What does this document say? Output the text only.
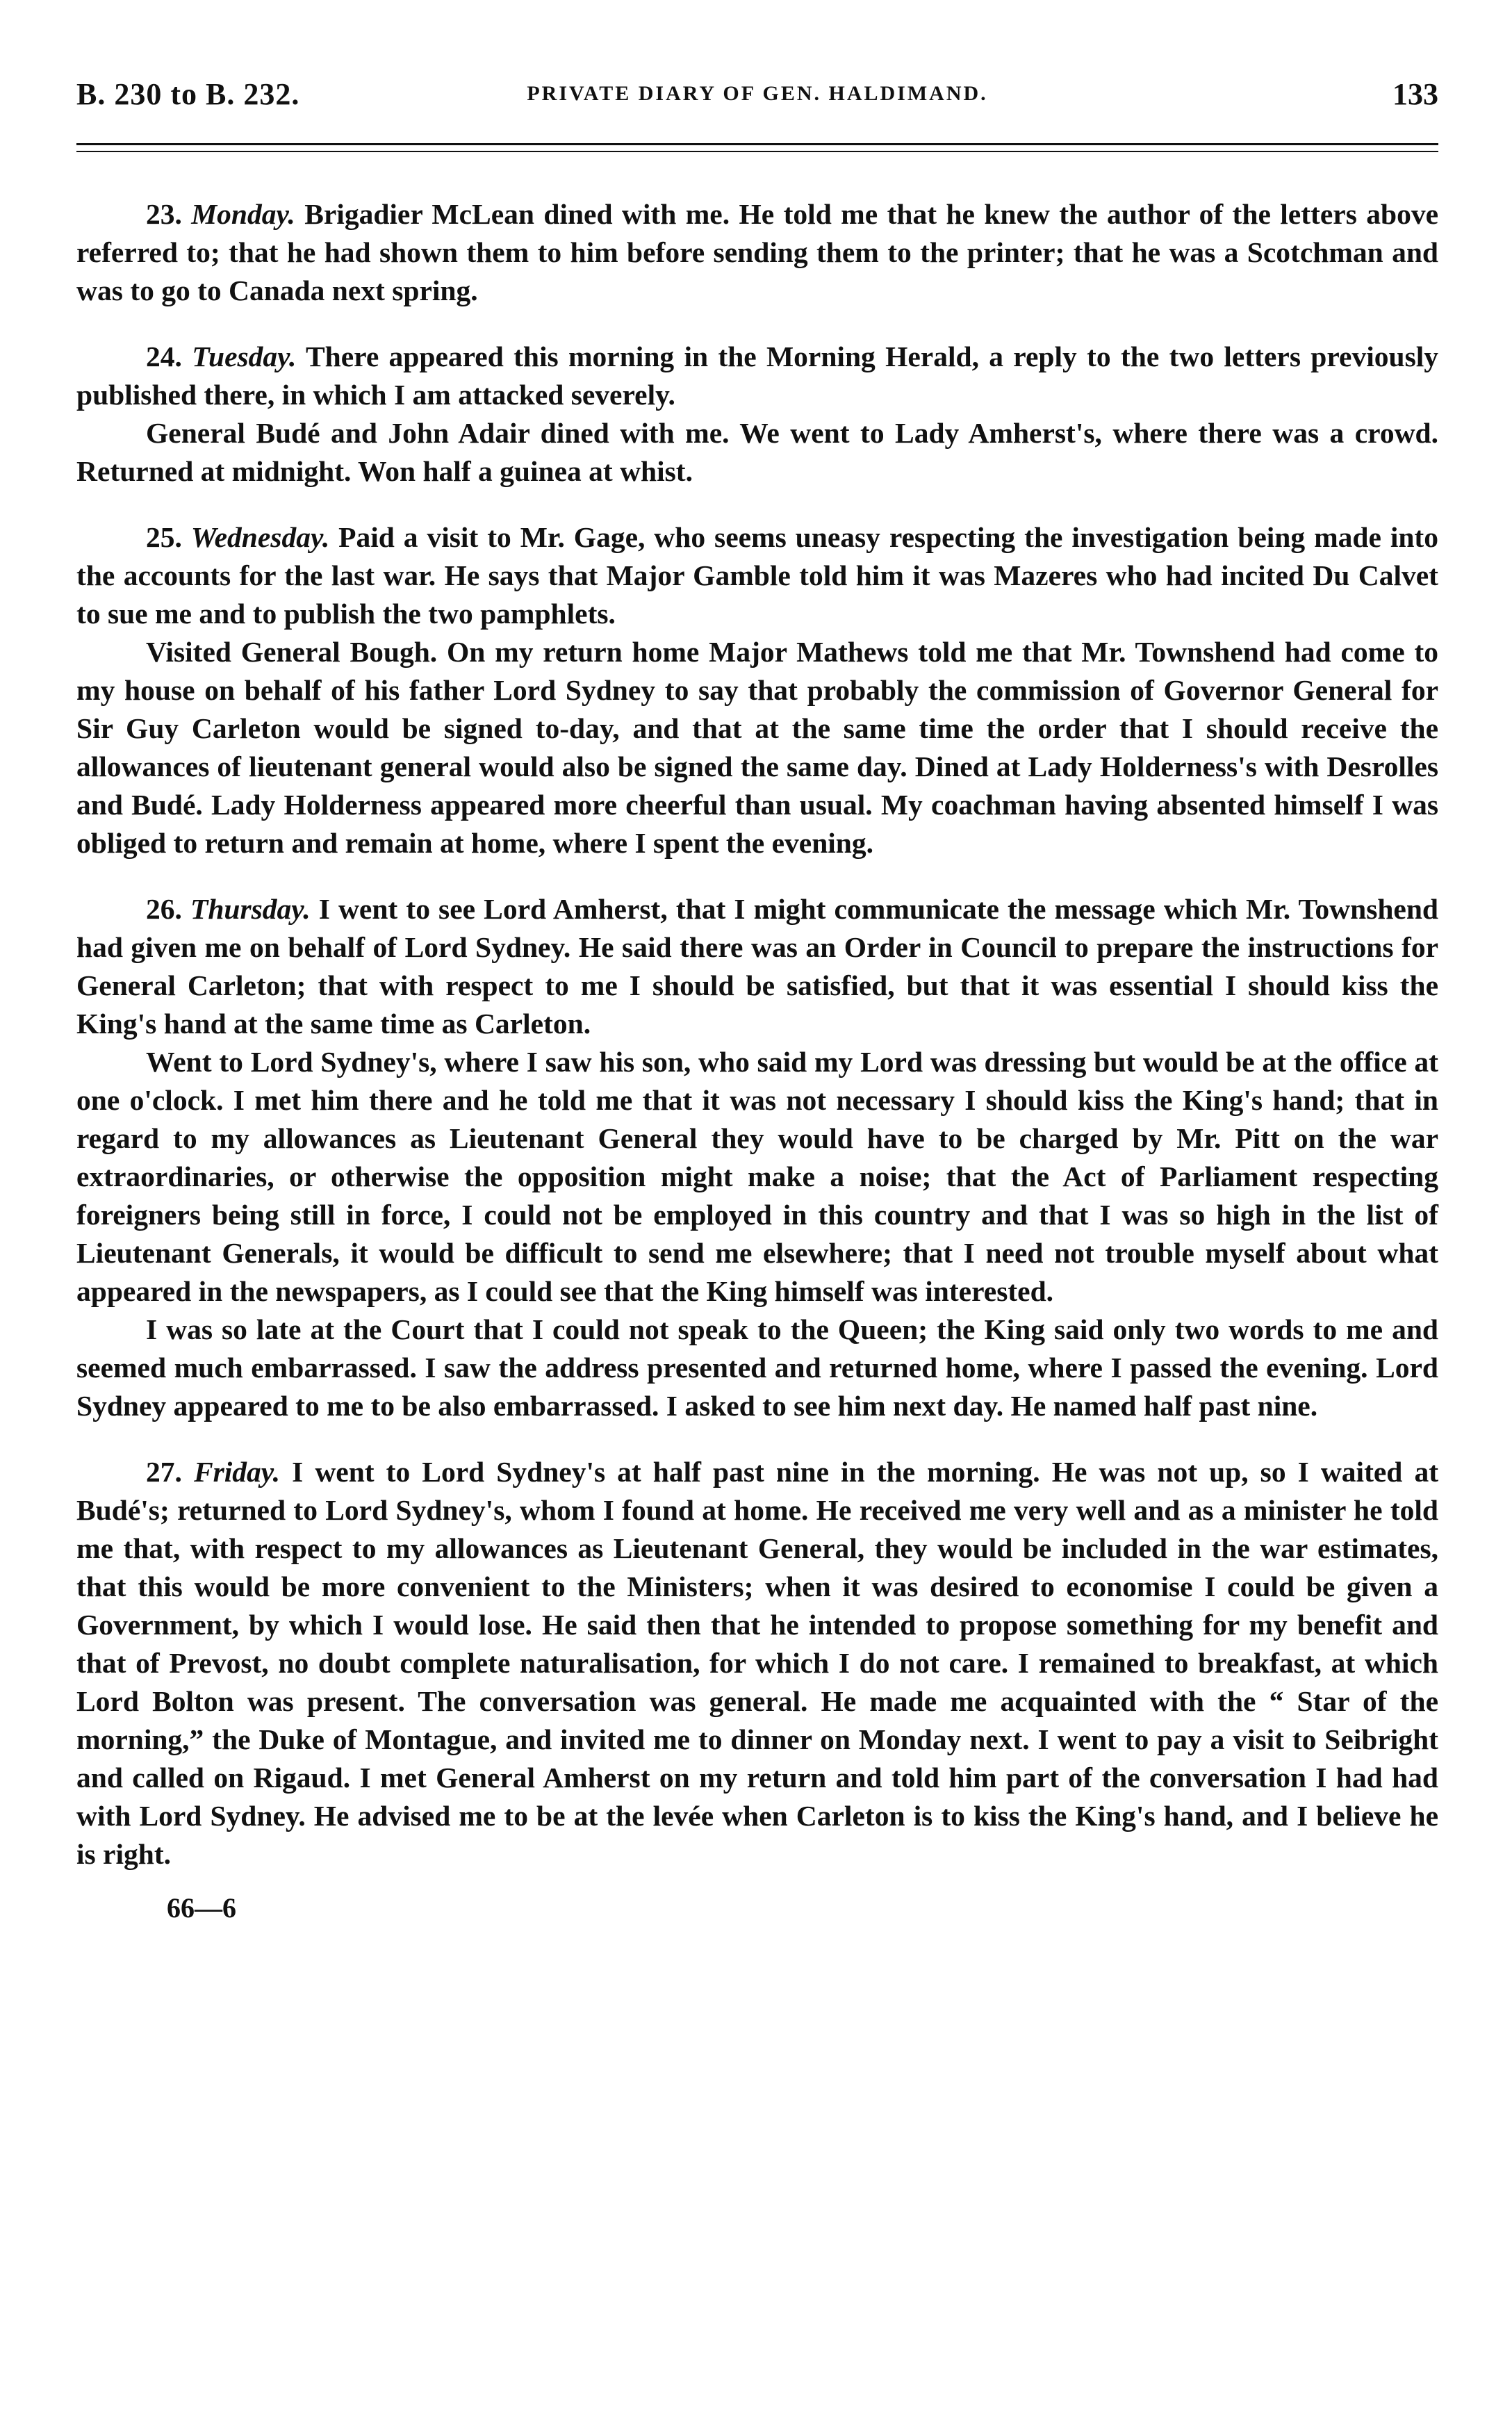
B. 230 to B. 232.	PRIVATE DIARY OF GEN. HALDIMAND.	133

23. Monday. Brigadier McLean dined with me. He told me that he knew the author of the letters above referred to; that he had shown them to him before sending them to the printer; that he was a Scotchman and was to go to Canada next spring.

24. Tuesday. There appeared this morning in the Morning Herald, a reply to the two letters previously published there, in which I am attacked severely.

General Budé and John Adair dined with me. We went to Lady Amherst's, where there was a crowd. Returned at midnight. Won half a guinea at whist.

25. Wednesday. Paid a visit to Mr. Gage, who seems uneasy respecting the investigation being made into the accounts for the last war. He says that Major Gamble told him it was Mazeres who had incited Du Calvet to sue me and to publish the two pamphlets.

Visited General Bough. On my return home Major Mathews told me that Mr. Townshend had come to my house on behalf of his father Lord Sydney to say that probably the commission of Governor General for Sir Guy Carleton would be signed to-day, and that at the same time the order that I should receive the allowances of lieutenant general would also be signed the same day. Dined at Lady Holderness's with Desrolles and Budé. Lady Holderness appeared more cheerful than usual. My coachman having absented himself I was obliged to return and remain at home, where I spent the evening.

26. Thursday. I went to see Lord Amherst, that I might communicate the message which Mr. Townshend had given me on behalf of Lord Sydney. He said there was an Order in Council to prepare the instructions for General Carleton; that with respect to me I should be satisfied, but that it was essential I should kiss the King's hand at the same time as Carleton.

Went to Lord Sydney's, where I saw his son, who said my Lord was dressing but would be at the office at one o'clock. I met him there and he told me that it was not necessary I should kiss the King's hand; that in regard to my allowances as Lieutenant General they would have to be charged by Mr. Pitt on the war extraordinaries, or otherwise the opposition might make a noise; that the Act of Parliament respecting foreigners being still in force, I could not be employed in this country and that I was so high in the list of Lieutenant Generals, it would be difficult to send me elsewhere; that I need not trouble myself about what appeared in the newspapers, as I could see that the King himself was interested.

I was so late at the Court that I could not speak to the Queen; the King said only two words to me and seemed much embarrassed. I saw the address presented and returned home, where I passed the evening. Lord Sydney appeared to me to be also embarrassed. I asked to see him next day. He named half past nine.

27. Friday. I went to Lord Sydney's at half past nine in the morning. He was not up, so I waited at Budé's; returned to Lord Sydney's, whom I found at home. He received me very well and as a minister he told me that, with respect to my allowances as Lieutenant General, they would be included in the war estimates, that this would be more convenient to the Ministers; when it was desired to economise I could be given a Government, by which I would lose. He said then that he intended to propose something for my benefit and that of Prevost, no doubt complete naturalisation, for which I do not care. I remained to breakfast, at which Lord Bolton was present. The conversation was general. He made me acquainted with the “ Star of the morning,” the Duke of Montague, and invited me to dinner on Monday next. I went to pay a visit to Seibright and called on Rigaud. I met General Amherst on my return and told him part of the conversation I had had with Lord Sydney. He advised me to be at the levée when Carleton is to kiss the King's hand, and I believe he is right.

66—6
